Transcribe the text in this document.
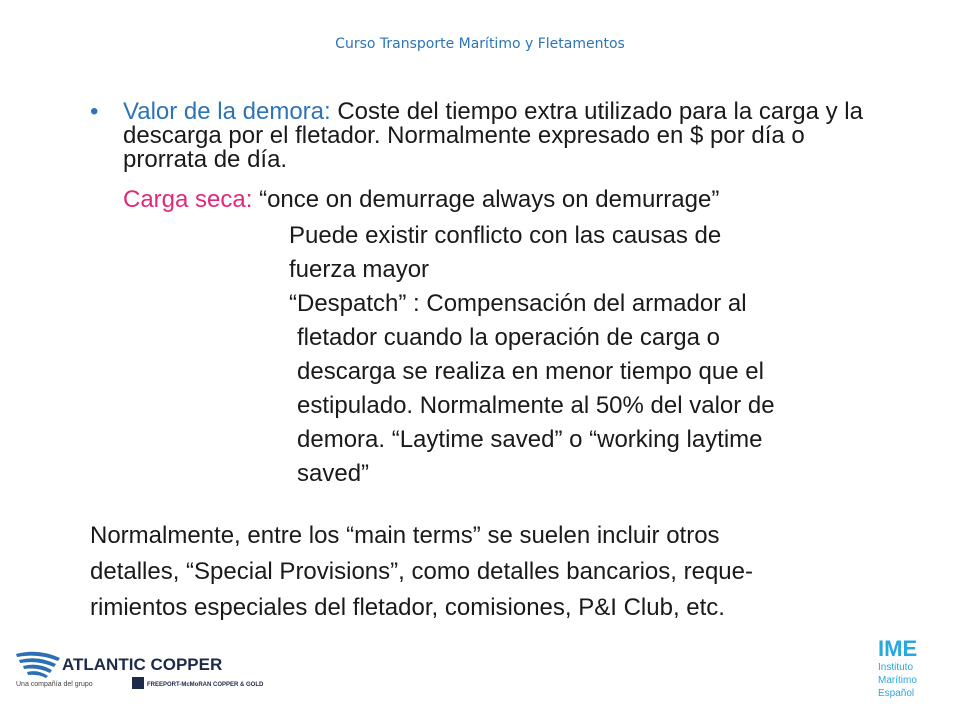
Curso Transporte Marítimo y Fletamentos
•	Valor de la demora: Coste del tiempo extra utilizado para la carga y la descarga por el fletador. Normalmente expresado en $ por día o prorrata de día.
Carga seca: “once on demurrage always on demurrage”
Puede existir conflicto con las causas de
fuerza mayor
“Despatch” : Compensación del armador al
fletador cuando la operación de carga o
descarga se realiza en menor tiempo que el
estipulado. Normalmente al 50% del valor de
demora. “Laytime saved” o “working laytime
saved”
Normalmente, entre los “main terms” se suelen incluir otros
detalles, “Special Provisions”, como detalles bancarios, reque-
rimientos especiales del fletador, comisiones, P&I Club, etc.
ATLANTIC COPPER
Una compañía del grupo	FREEPORT-McMoRAN COPPER & GOLD
IME
Instituto
Marítimo
Español
